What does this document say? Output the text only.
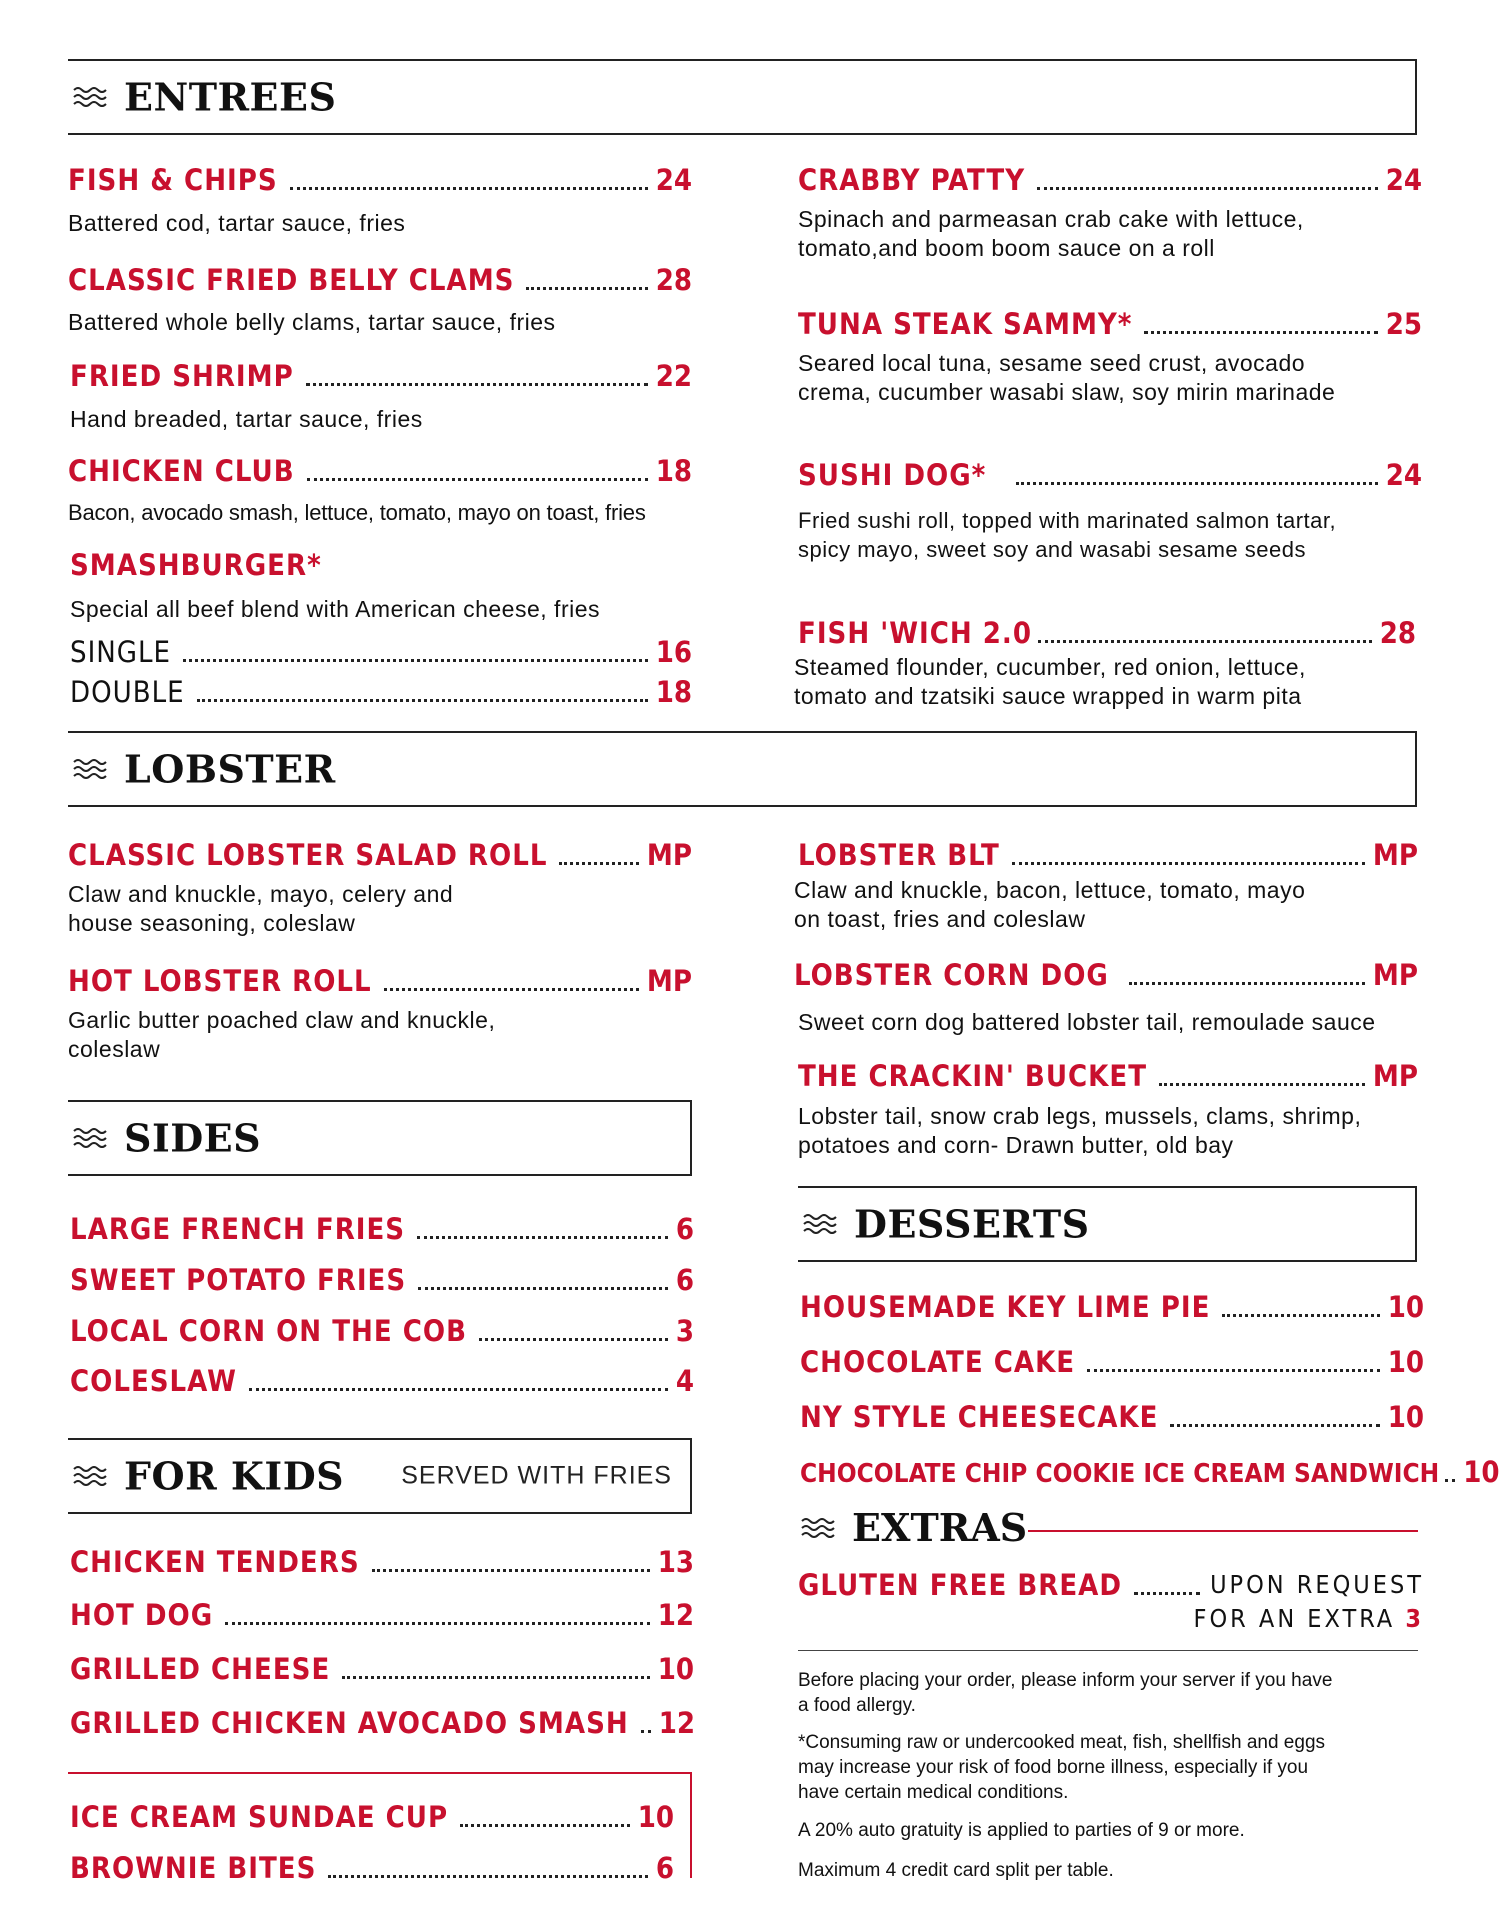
ENTREES
FISH & CHIPS	24
Battered cod, tartar sauce, fries
CLASSIC FRIED BELLY CLAMS	28
Battered whole belly clams, tartar sauce, fries
FRIED SHRIMP	22
Hand breaded, tartar sauce, fries
CHICKEN CLUB	18
Bacon, avocado smash, lettuce, tomato, mayo on toast, fries
SMASHBURGER*
Special all beef blend with American cheese, fries
SINGLE	16
DOUBLE	18
CRABBY PATTY	24
Spinach and parmeasan crab cake with lettuce,
tomato,and boom boom sauce on a roll
TUNA STEAK SAMMY*	25
Seared local tuna, sesame seed crust, avocado
crema, cucumber wasabi slaw, soy mirin marinade
SUSHI DOG*	24
Fried sushi roll, topped with marinated salmon tartar,
spicy mayo, sweet soy and wasabi sesame seeds
FISH 'WICH 2.0	28
Steamed flounder, cucumber, red onion, lettuce,
tomato and tzatsiki sauce wrapped in warm pita
LOBSTER
CLASSIC LOBSTER SALAD ROLL	MP
Claw and knuckle, mayo, celery and
house seasoning, coleslaw
HOT LOBSTER ROLL	MP
Garlic butter poached claw and knuckle,
coleslaw
LOBSTER BLT	MP
Claw and knuckle, bacon, lettuce, tomato, mayo
on toast, fries and coleslaw
LOBSTER CORN DOG	MP
Sweet corn dog battered lobster tail, remoulade sauce
THE CRACKIN' BUCKET	MP
Lobster tail, snow crab legs, mussels, clams, shrimp,
potatoes and corn- Drawn butter, old bay
SIDES
LARGE FRENCH FRIES	6
SWEET POTATO FRIES	6
LOCAL CORN ON THE COB	3
COLESLAW	4
FOR KIDS SERVED WITH FRIES
CHICKEN TENDERS	13
HOT DOG	12
GRILLED CHEESE	10
GRILLED CHICKEN AVOCADO SMASH 12
ICE CREAM SUNDAE CUP	10
BROWNIE BITES	6
DESSERTS
HOUSEMADE KEY LIME PIE	10
CHOCOLATE CAKE	10
NY STYLE CHEESECAKE	10
CHOCOLATE CHIP COOKIE ICE CREAM SANDWICH 10
EXTRAS
GLUTEN FREE BREAD	UPON REQUEST
FOR AN EXTRA 3
Before placing your order, please inform your server if you have
a food allergy.
*Consuming raw or undercooked meat, fish, shellfish and eggs
may increase your risk of food borne illness, especially if you
have certain medical conditions.
A 20% auto gratuity is applied to parties of 9 or more.
Maximum 4 credit card split per table.
